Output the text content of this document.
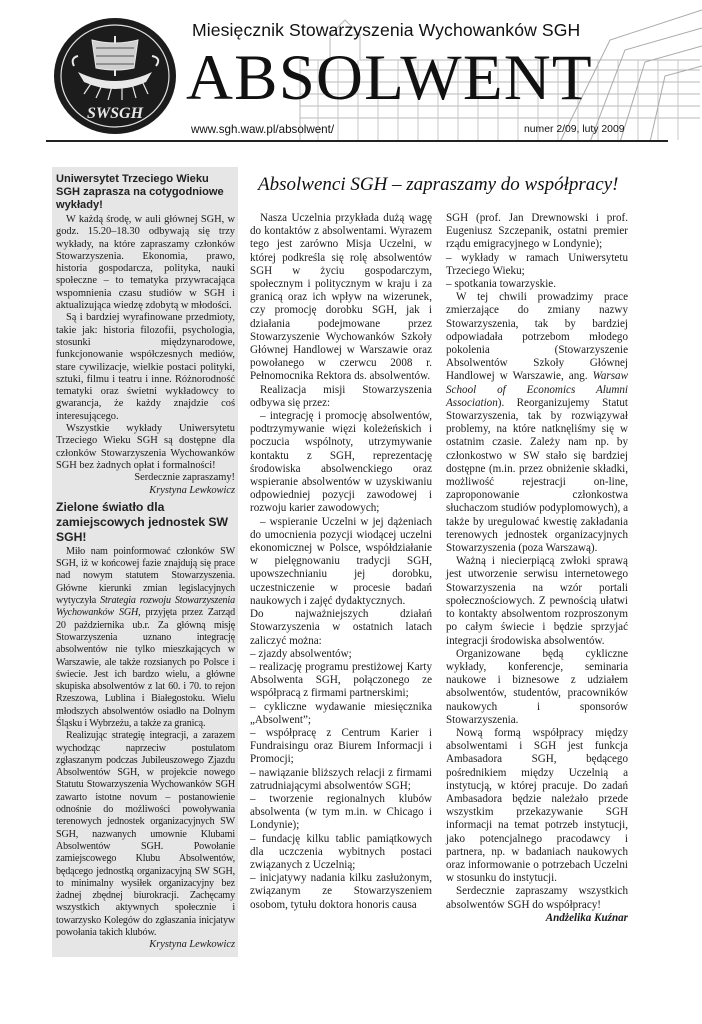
SWSGH
Miesięcznik Stowarzyszenia Wychowanków SGH
ABSOLWENT
www.sgh.waw.pl/absolwent/	numer 2/09, luty 2009
Uniwersytet Trzeciego Wieku SGH zaprasza na cotygodniowe wykłady!

W każdą środę, w auli głównej SGH, w godz. 15.20–18.30 odbywają się trzy wykłady, na które zapraszamy członków Stowarzyszenia. Ekonomia, prawo, historia gospodarcza, polityka, nauki społeczne – to tematyka przywracająca wspomnienia czasu studiów w SGH i aktualizująca wiedzę zdobytą w młodości.

Są i bardziej wyrafinowane przedmioty, takie jak: historia filozofii, psychologia, stosunki międzynarodowe, funkcjonowanie współczesnych mediów, stare cywilizacje, wielkie postaci polityki, sztuki, filmu i teatru i inne. Różnorodność tematyki oraz świetni wykładowcy to gwarancja, że każdy znajdzie coś interesującego.

Wszystkie wykłady Uniwersytetu Trzeciego Wieku SGH są dostępne dla członków Stowarzyszenia Wychowanków SGH bez żadnych opłat i formalności!

Serdecznie zapraszamy!

Krystyna Lewkowicz

Zielone światło dla zamiejscowych jednostek SW SGH!

Miło nam poinformować członków SW SGH, iż w końcowej fazie znajdują się prace nad nowym statutem Stowarzyszenia. Główne kierunki zmian legislacyjnych wytyczyła Strategia rozwoju Stowarzyszenia Wychowanków SGH, przyjęta przez Zarząd 20 października ub.r. Za główną misję Stowarzyszenia uznano integrację absolwentów nie tylko mieszkających w Warszawie, ale także rozsianych po Polsce i świecie. Jest ich bardzo wielu, a główne skupiska absolwentów z lat 60. i 70. to rejon Rzeszowa, Lublina i Białegostoku. Wielu młodszych absolwentów osiadło na Dolnym Śląsku i Wybrzeżu, a także za granicą.

Realizując strategię integracji, a zarazem wychodząc naprzeciw postulatom zgłaszanym podczas Jubileuszowego Zjazdu Absolwentów SGH, w projekcie nowego Statutu Stowarzyszenia Wychowanków SGH zawarto istotne novum – postanowienie odnośnie do możliwości powoływania terenowych jednostek organizacyjnych SW SGH, nazwanych umownie Klubami Absolwentów SGH. Powołanie zamiejscowego Klubu Absolwentów, będącego jednostką organizacyjną SW SGH, to minimalny wysiłek organizacyjny bez żadnej zbędnej biurokracji. Zachęcamy wszystkich aktywnych społecznie i towarzysko Kolegów do zgłaszania inicjatyw powołania takich klubów.

Krystyna Lewkowicz

Absolwenci SGH – zapraszamy do współpracy!

Nasza Uczelnia przykłada dużą wagę do kontaktów z absolwentami. Wyrazem tego jest zarówno Misja Uczelni, w której podkreśla się rolę absolwentów SGH w życiu gospodarczym, społecznym i politycznym w kraju i za granicą oraz ich wpływ na wizerunek, czy promocję dorobku SGH, jak i działania podejmowane przez Stowarzyszenie Wychowanków Szkoły Głównej Handlowej w Warszawie oraz powołanego w czerwcu 2008 r. Pełnomocnika Rektora ds. absolwentów.

Realizacja misji Stowarzyszenia odbywa się przez:

– integrację i promocję absolwentów, podtrzymywanie więzi koleżeńskich i poczucia wspólnoty, utrzymywanie kontaktu z SGH, reprezentację środowiska absolwenckiego oraz wspieranie absolwentów w uzyskiwaniu odpowiedniej pozycji zawodowej i rozwoju karier zawodowych;

– wspieranie Uczelni w jej dążeniach do umocnienia pozycji wiodącej uczelni ekonomicznej w Polsce, współdziałanie w pielęgnowaniu tradycji SGH, upowszechnianiu jej dorobku, uczestniczenie w procesie badań naukowych i zajęć dydaktycznych.

Do najważniejszych działań Stowarzyszenia w ostatnich latach zaliczyć można:

– zjazdy absolwentów;

– realizację programu prestiżowej Karty Absolwenta SGH, połączonego ze współpracą z firmami partnerskimi;

– cykliczne wydawanie miesięcznika „Absolwent”;

– współpracę z Centrum Karier i Fundraisingu oraz Biurem Informacji i Promocji;

– nawiązanie bliższych relacji z firmami zatrudniającymi absolwentów SGH;

– tworzenie regionalnych klubów absolwenta (w tym m.in. w Chicago i Londynie);

– fundację kilku tablic pamiątkowych dla uczczenia wybitnych postaci związanych z Uczelnią;

– inicjatywy nadania kilku zasłużonym, związanym ze Stowarzyszeniem osobom, tytułu doktora honoris causa

SGH (prof. Jan Drewnowski i prof. Eugeniusz Szczepanik, ostatni premier rządu emigracyjnego w Londynie);

– wykłady w ramach Uniwersytetu Trzeciego Wieku;

– spotkania towarzyskie.

W tej chwili prowadzimy prace zmierzające do zmiany nazwy Stowarzyszenia, tak by bardziej odpowiadała potrzebom młodego pokolenia (Stowarzyszenie Absolwentów Szkoły Głównej Handlowej w Warszawie, ang. Warsaw School of Economics Alumni Association). Reorganizujemy Statut Stowarzyszenia, tak by rozwiązywał problemy, na które natknęliśmy się w ostatnim czasie. Zależy nam np. by członkostwo w SW stało się bardziej dostępne (m.in. przez obniżenie składki, możliwość rejestracji on-line, zaproponowanie członkostwa słuchaczom studiów podyplomowych), a także by uregulować kwestię zakładania terenowych jednostek organizacyjnych Stowarzyszenia (poza Warszawą).

Ważną i niecierpiącą zwłoki sprawą jest utworzenie serwisu internetowego Stowarzyszenia na wzór portali społecznościowych. Z pewnością ułatwi to kontakty absolwentom rozproszonym po całym świecie i będzie sprzyjać integracji środowiska absolwentów.

Organizowane będą cykliczne wykłady, konferencje, seminaria naukowe i biznesowe z udziałem absolwentów, studentów, pracowników naukowych i sponsorów Stowarzyszenia.

Nową formą współpracy między absolwentami i SGH jest funkcja Ambasadora SGH, będącego pośrednikiem między Uczelnią a instytucją, w której pracuje. Do zadań Ambasadora będzie należało przede wszystkim przekazywanie SGH informacji na temat potrzeb instytucji, jako potencjalnego pracodawcy i partnera, np. w badaniach naukowych oraz informowanie o potrzebach Uczelni w stosunku do instytucji.

Serdecznie zapraszamy wszystkich absolwentów SGH do współpracy!

Andżelika Kuźnar
